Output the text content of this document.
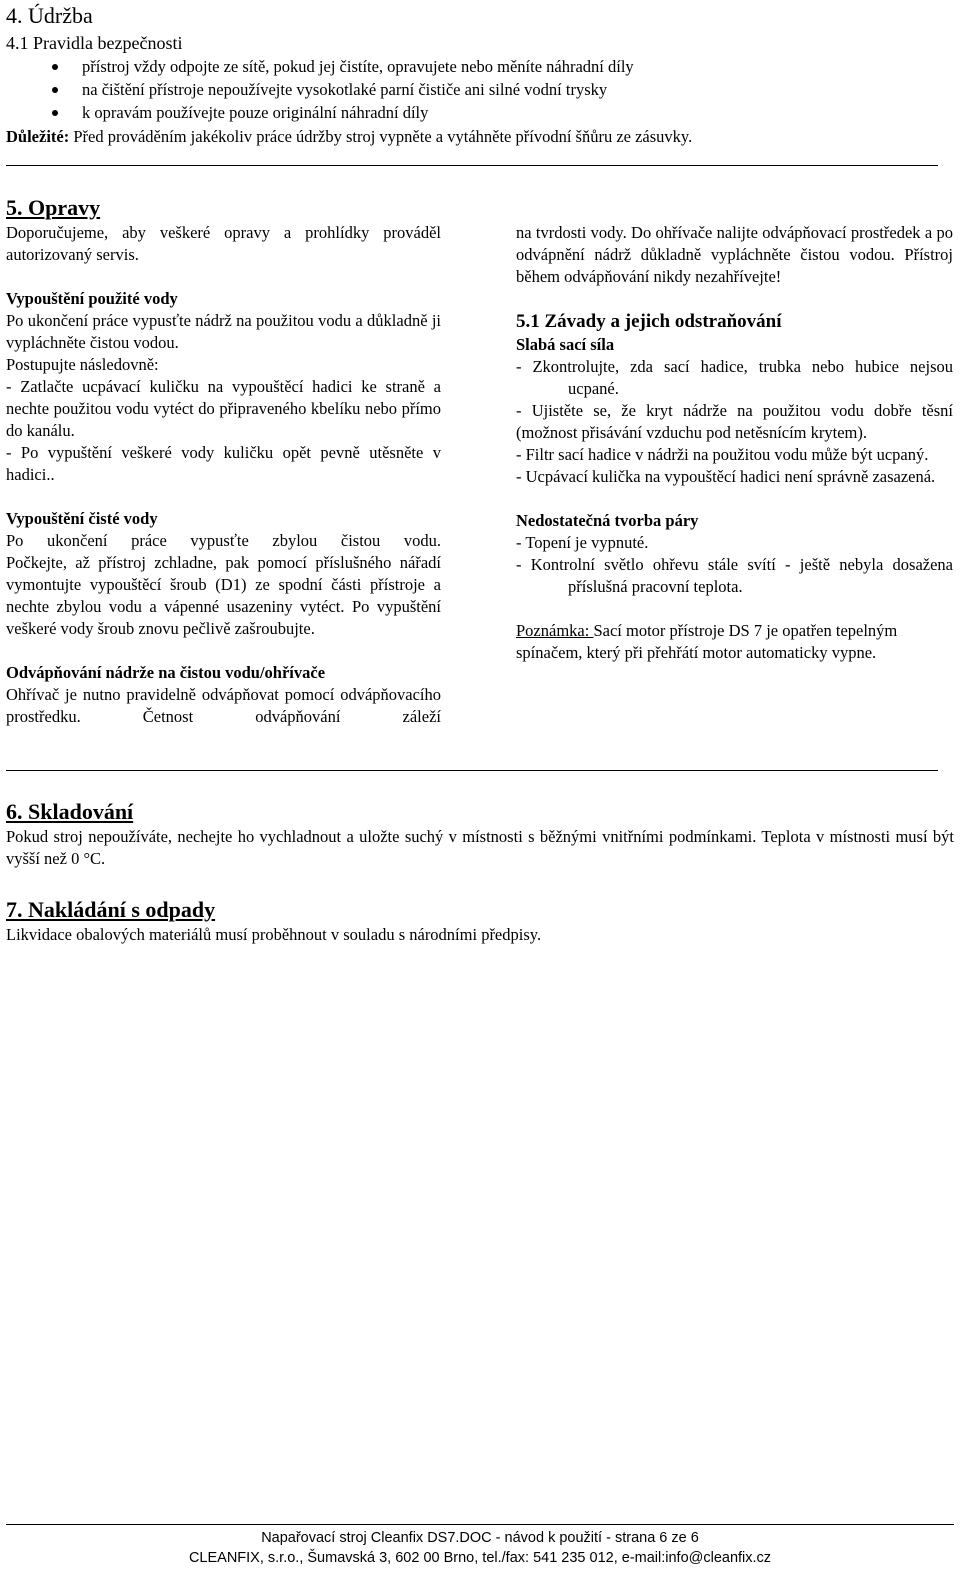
4. Údržba
4.1 Pravidla bezpečnosti
přístroj vždy odpojte ze sítě, pokud jej čistíte, opravujete nebo měníte náhradní díly
na čištění přístroje nepoužívejte vysokotlaké parní čističe ani silné vodní trysky
k opravám používejte pouze originální náhradní díly
Důležité: Před prováděním jakékoliv práce údržby stroj vypněte a vytáhněte přívodní šňůru ze zásuvky.
5. Opravy

Doporučujeme, aby veškeré opravy a prohlídky prováděl autorizovaný servis.

Vypouštění použité vody

Po ukončení práce vypusťte nádrž na použitou vodu a důkladně ji vypláchněte čistou vodou.

Postupujte následovně:

- Zatlačte ucpávací kuličku na vypouštěcí hadici ke straně a nechte použitou vodu vytéct do připraveného kbelíku nebo přímo do kanálu.

- Po vypuštění veškeré vody kuličku opět pevně utěsněte v hadici..

Vypouštění čisté vody

Po ukončení práce vypusťte zbylou čistou vodu.

Počkejte, až přístroj zchladne, pak pomocí příslušného nářadí vymontujte vypouštěcí šroub (D1) ze spodní části přístroje a nechte zbylou vodu a vápenné usazeniny vytéct. Po vypuštění veškeré vody šroub znovu pečlivě zašroubujte.

Odvápňování nádrže na čistou vodu/ohřívače

Ohřívač je nutno pravidelně odvápňovat pomocí odvápňovacího prostředku. Četnost odvápňování záleží

na tvrdosti vody. Do ohřívače nalijte odvápňovací prostředek a po odvápnění nádrž důkladně vypláchněte čistou vodou. Přístroj během odvápňování nikdy nezahřívejte!

5.1 Závady a jejich odstraňování

Slabá sací síla

- Zkontrolujte, zda sací hadice, trubka nebo hubice nejsou ucpané.

- Ujistěte se, že kryt nádrže na použitou vodu dobře těsní (možnost přisávání vzduchu pod netěsnícím krytem).

- Filtr sací hadice v nádrži na použitou vodu může být ucpaný.

- Ucpávací kulička na vypouštěcí hadici není správně zasazená.

Nedostatečná tvorba páry

- Topení je vypnuté.

- Kontrolní světlo ohřevu stále svítí - ještě nebyla dosažena příslušná pracovní teplota.

Poznámka: Sací motor přístroje DS 7 je opatřen tepelným spínačem, který při přehřátí motor automaticky vypne.

6. Skladování
Pokud stroj nepoužíváte, nechejte ho vychladnout a uložte suchý v místnosti s běžnými vnitřními podmínkami. Teplota v místnosti musí být vyšší než 0 °C.
7. Nakládání s odpady
Likvidace obalových materiálů musí proběhnout v souladu s národními předpisy.
Napařovací stroj Cleanfix DS7.DOC - návod k použití - strana 6 ze 6
CLEANFIX, s.r.o., Šumavská 3, 602 00 Brno, tel./fax: 541 235 012, e-mail:info@cleanfix.cz
